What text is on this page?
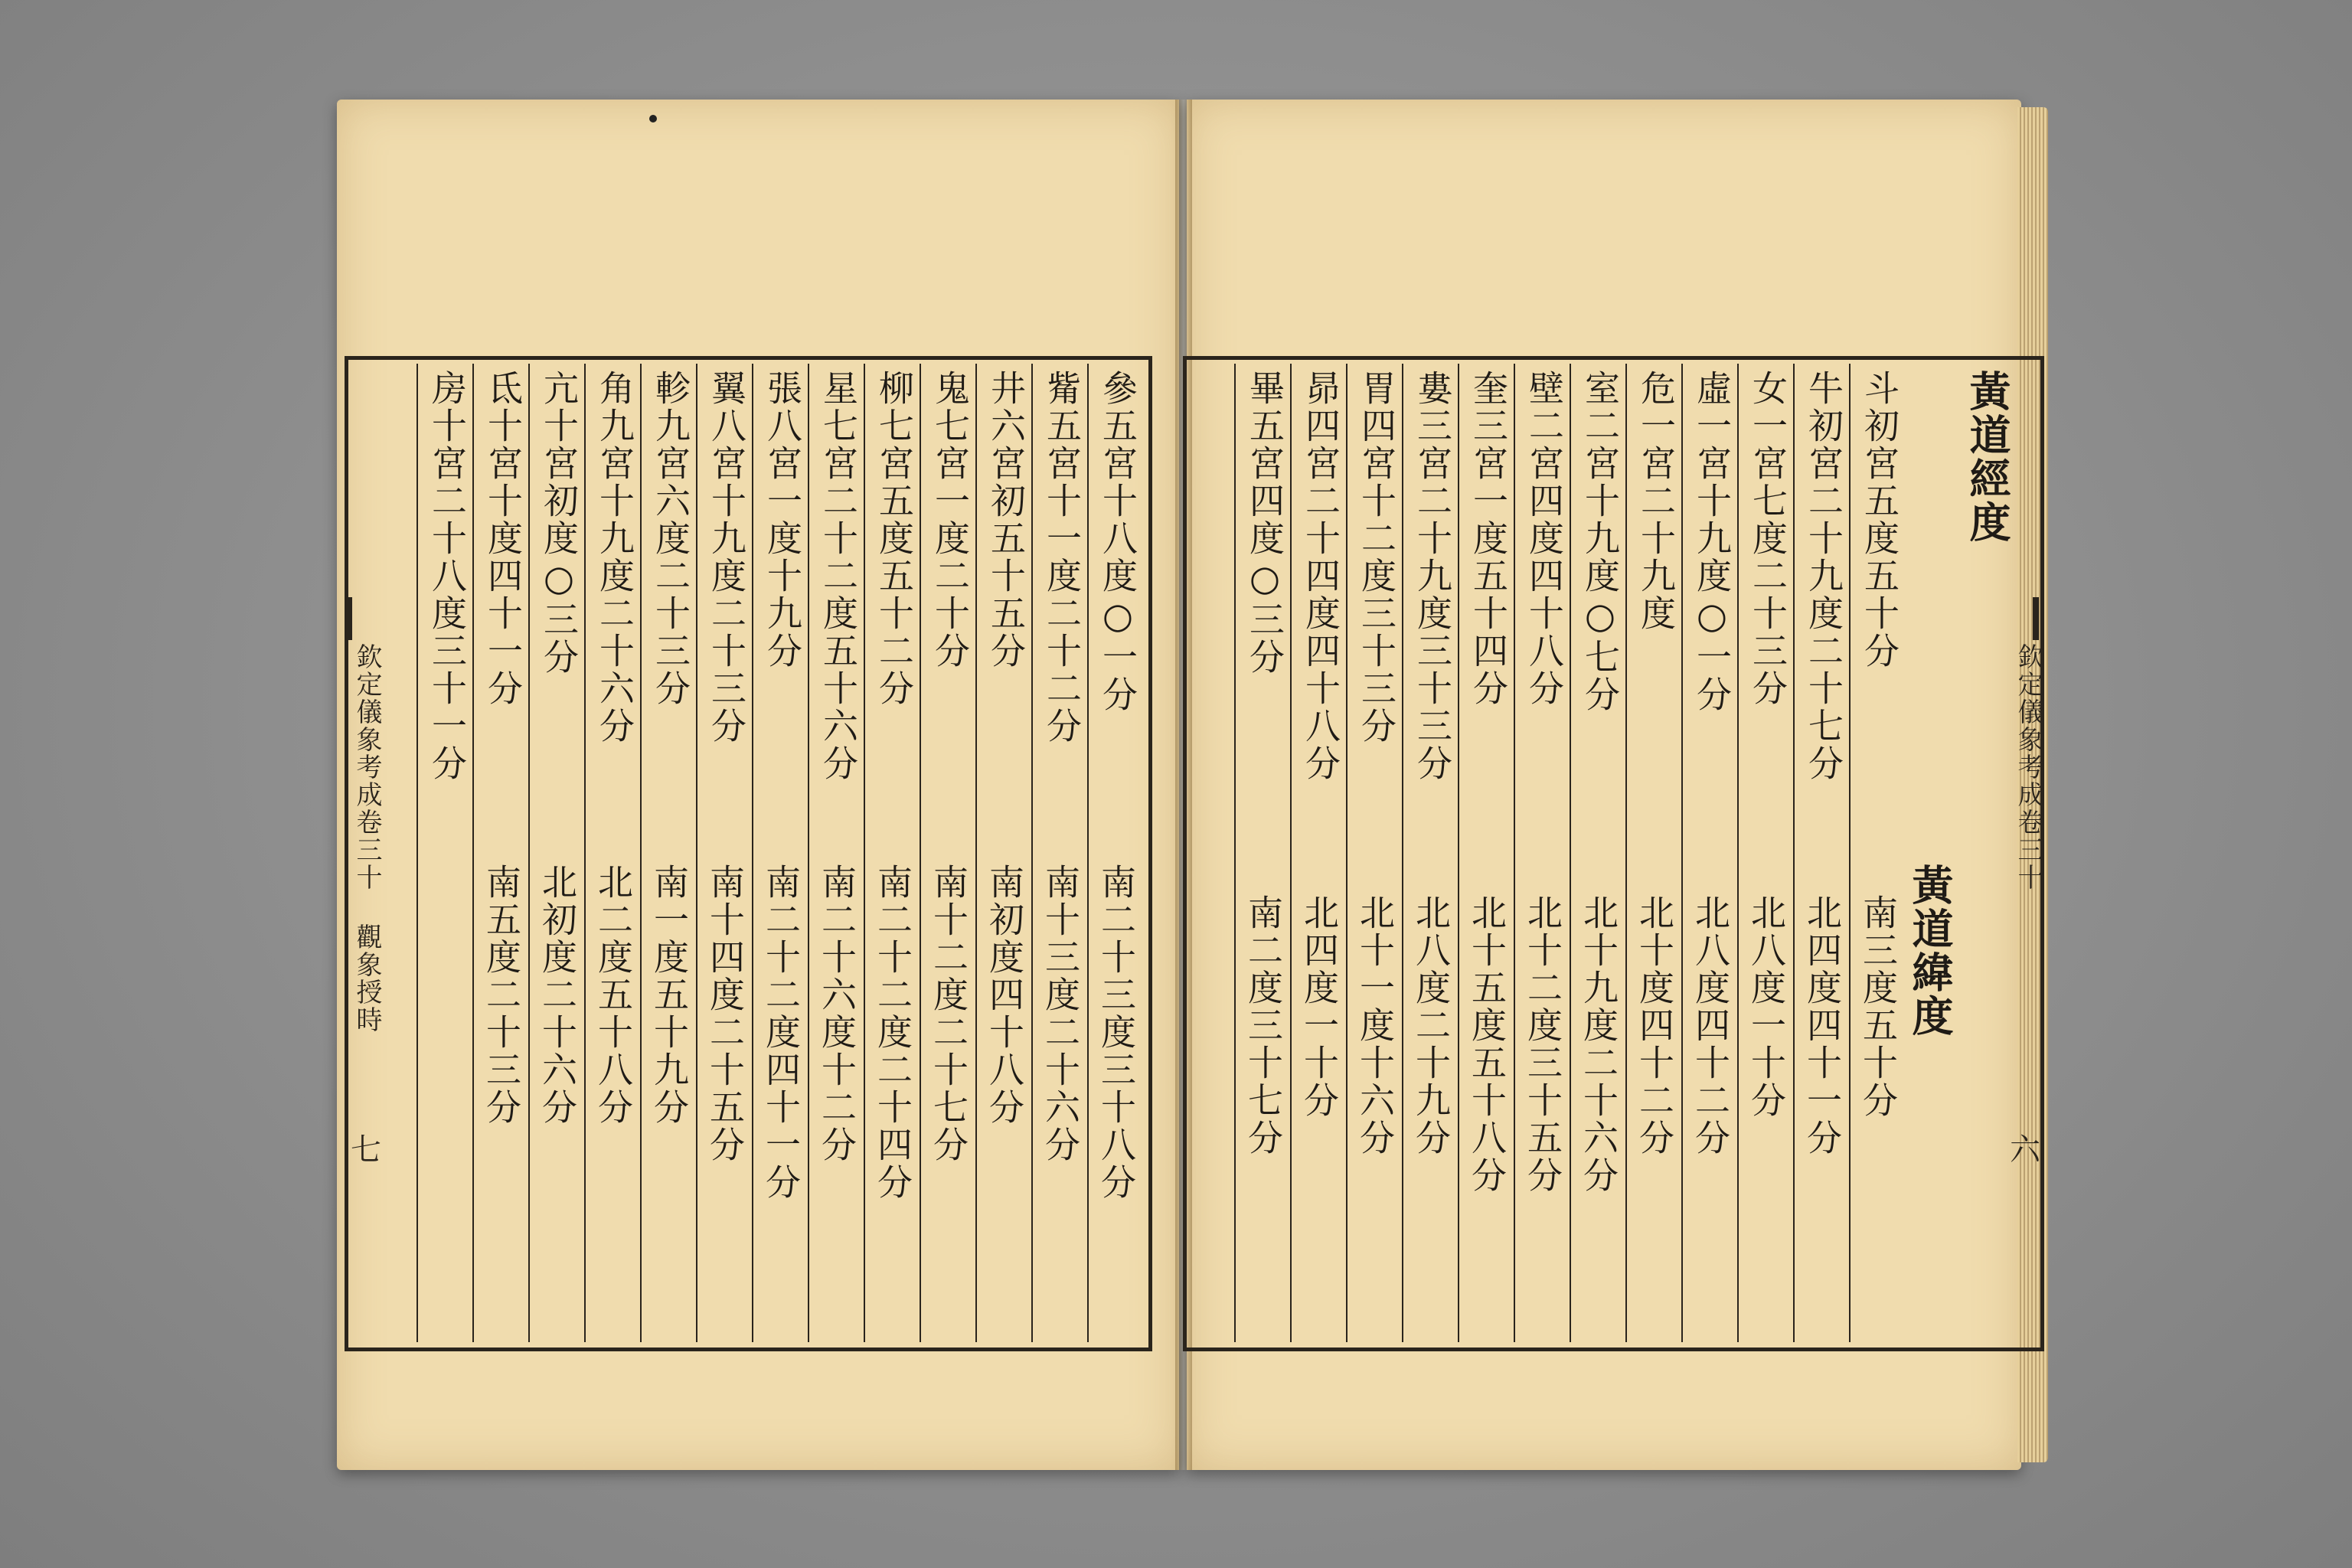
參五宮十八度○一分
南二十三度三十八分
觜五宮十一度二十二分
南十三度二十六分
井六宮初五十五分
南初度四十八分
鬼七宮一度二十分
南十二度二十七分
柳七宮五度五十二分
南二十二度二十四分
星七宮二十二度五十六分
南二十六度十二分
張八宮一度十九分
南二十二度四十一分
翼八宮十九度二十三分
南十四度二十五分
軫九宮六度二十三分
南一度五十九分
角九宮十九度二十六分
北二度五十八分
亢十宮初度○三分
北初度二十六分
氐十宮十度四十一分
南五度二十三分
房十宮二十八度三十一分
欽定儀象考成卷三十 觀象授時
七
黃道經度
黃道緯度
斗初宮五度五十分
南三度五十分
牛初宮二十九度二十七分
北四度四十一分
女一宮七度二十三分
北八度一十分
虛一宮十九度○一分
北八度四十二分
危一宮二十九度
北十度四十二分
室二宮十九度○七分
北十九度二十六分
壁二宮四度四十八分
北十二度三十五分
奎三宮一度五十四分
北十五度五十八分
婁三宮二十九度三十三分
北八度二十九分
胃四宮十二度三十三分
北十一度十六分
昴四宮二十四度四十八分
北四度一十分
畢五宮四度○三分
南二度三十七分
欽定儀象考成卷三十
六
